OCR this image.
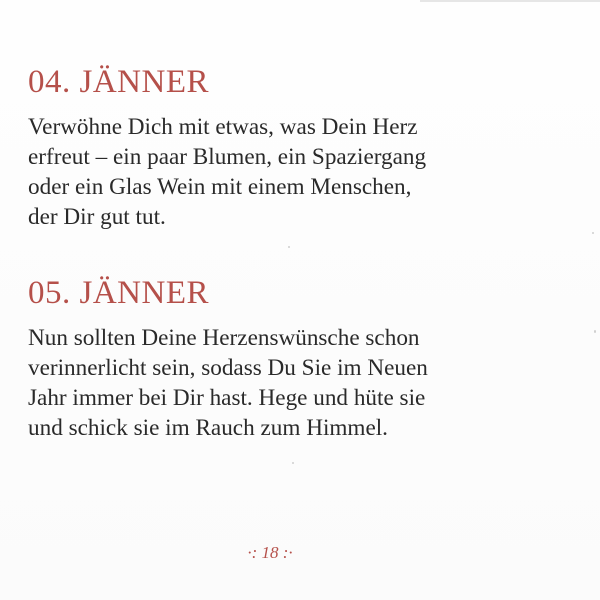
04. JÄNNER

Verwöhne Dich mit etwas, was Dein Herz
erfreut – ein paar Blumen, ein Spaziergang
oder ein Glas Wein mit einem Menschen,
der Dir gut tut.

05. JÄNNER

Nun sollten Deine Herzenswünsche schon
verinnerlicht sein, sodass Du Sie im Neuen
Jahr immer bei Dir hast. Hege und hüte sie
und schick sie im Rauch zum Himmel.

·: 18 :·
